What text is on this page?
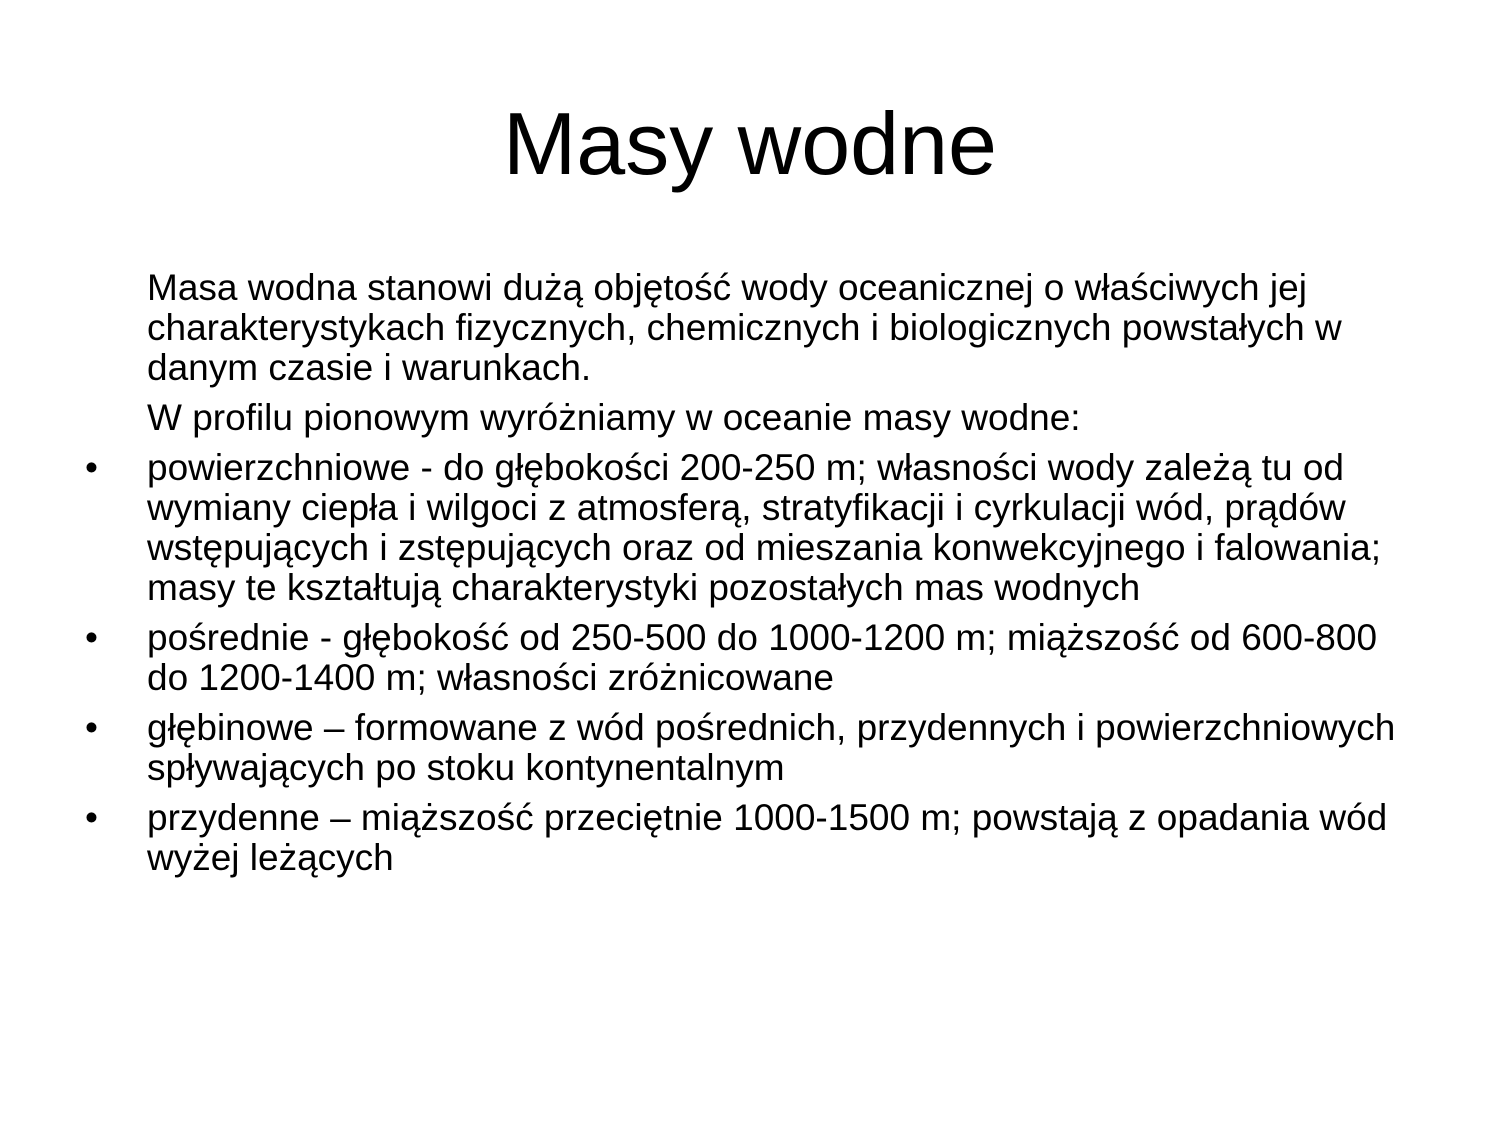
Masy wodne

Masa wodna stanowi dużą objętość wody oceanicznej o właściwych jej charakterystykach fizycznych, chemicznych i biologicznych powstałych w danym czasie i warunkach.

W profilu pionowym wyróżniamy w oceanie masy wodne:

• powierzchniowe - do głębokości 200-250 m; własności wody zależą tu od wymiany ciepła i wilgoci z atmosferą, stratyfikacji i cyrkulacji wód, prądów wstępujących i zstępujących oraz od mieszania konwekcyjnego i falowania; masy te kształtują charakterystyki pozostałych mas wodnych
• pośrednie - głębokość od 250-500 do 1000-1200 m; miąższość od 600-800 do 1200-1400 m; własności zróżnicowane
• głębinowe – formowane z wód pośrednich, przydennych i powierzchniowych spływających po stoku kontynentalnym
• przydenne – miąższość przeciętnie 1000-1500 m; powstają z opadania wód wyżej leżących
